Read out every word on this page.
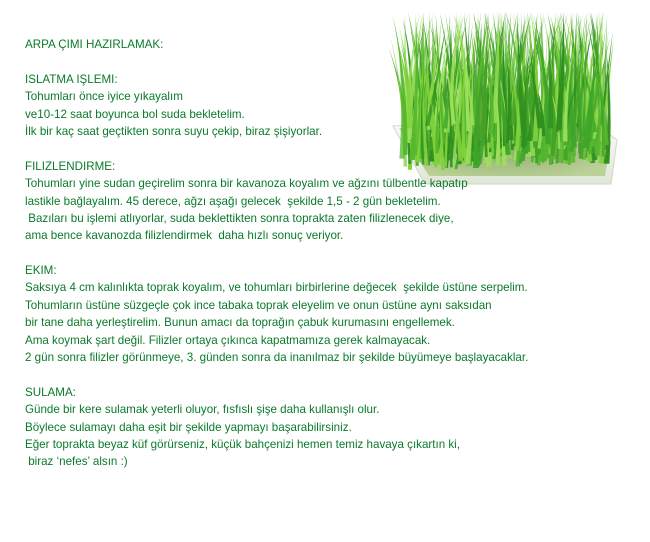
ARPA ÇIMI HAZIRLAMAK:
ISLATMA IŞLEMI:
Tohumları önce iyice yıkayalım
ve10-12 saat boyunca bol suda bekletelim.
İlk bir kaç saat geçtikten sonra suyu çekip, biraz şişiyorlar.
FILIZLENDIRME:
Tohumları yine sudan geçirelim sonra bir kavanoza koyalım ve ağzını tülbentle kapatıp
lastikle bağlayalım. 45 derece, ağzı aşağı gelecek  şekilde 1,5 - 2 gün bekletelim.
Bazıları bu işlemi atlıyorlar, suda beklettikten sonra toprakta zaten filizlenecek diye,
ama bence kavanozda filizlendirmek  daha hızlı sonuç veriyor.
EKIM:
Saksıya 4 cm kalınlıkta toprak koyalım, ve tohumları birbirlerine değecek  şekilde üstüne serpelim.
Tohumların üstüne süzgeçle çok ince tabaka toprak eleyelim ve onun üstüne aynı saksıdan
bir tane daha yerleştirelim. Bunun amacı da toprağın çabuk kurumasını engellemek.
Ama koymak şart değil. Filizler ortaya çıkınca kapatmamıza gerek kalmayacak.
2 gün sonra filizler görünmeye, 3. günden sonra da inanılmaz bir şekilde büyümeye başlayacaklar.
SULAMA:
Günde bir kere sulamak yeterli oluyor, fısfıslı şişe daha kullanışlı olur.
Böylece sulamayı daha eşit bir şekilde yapmayı başarabilirsiniz.
Eğer toprakta beyaz küf görürseniz, küçük bahçenizi hemen temiz havaya çıkartın ki,
biraz ‘nefes’ alsın :)
